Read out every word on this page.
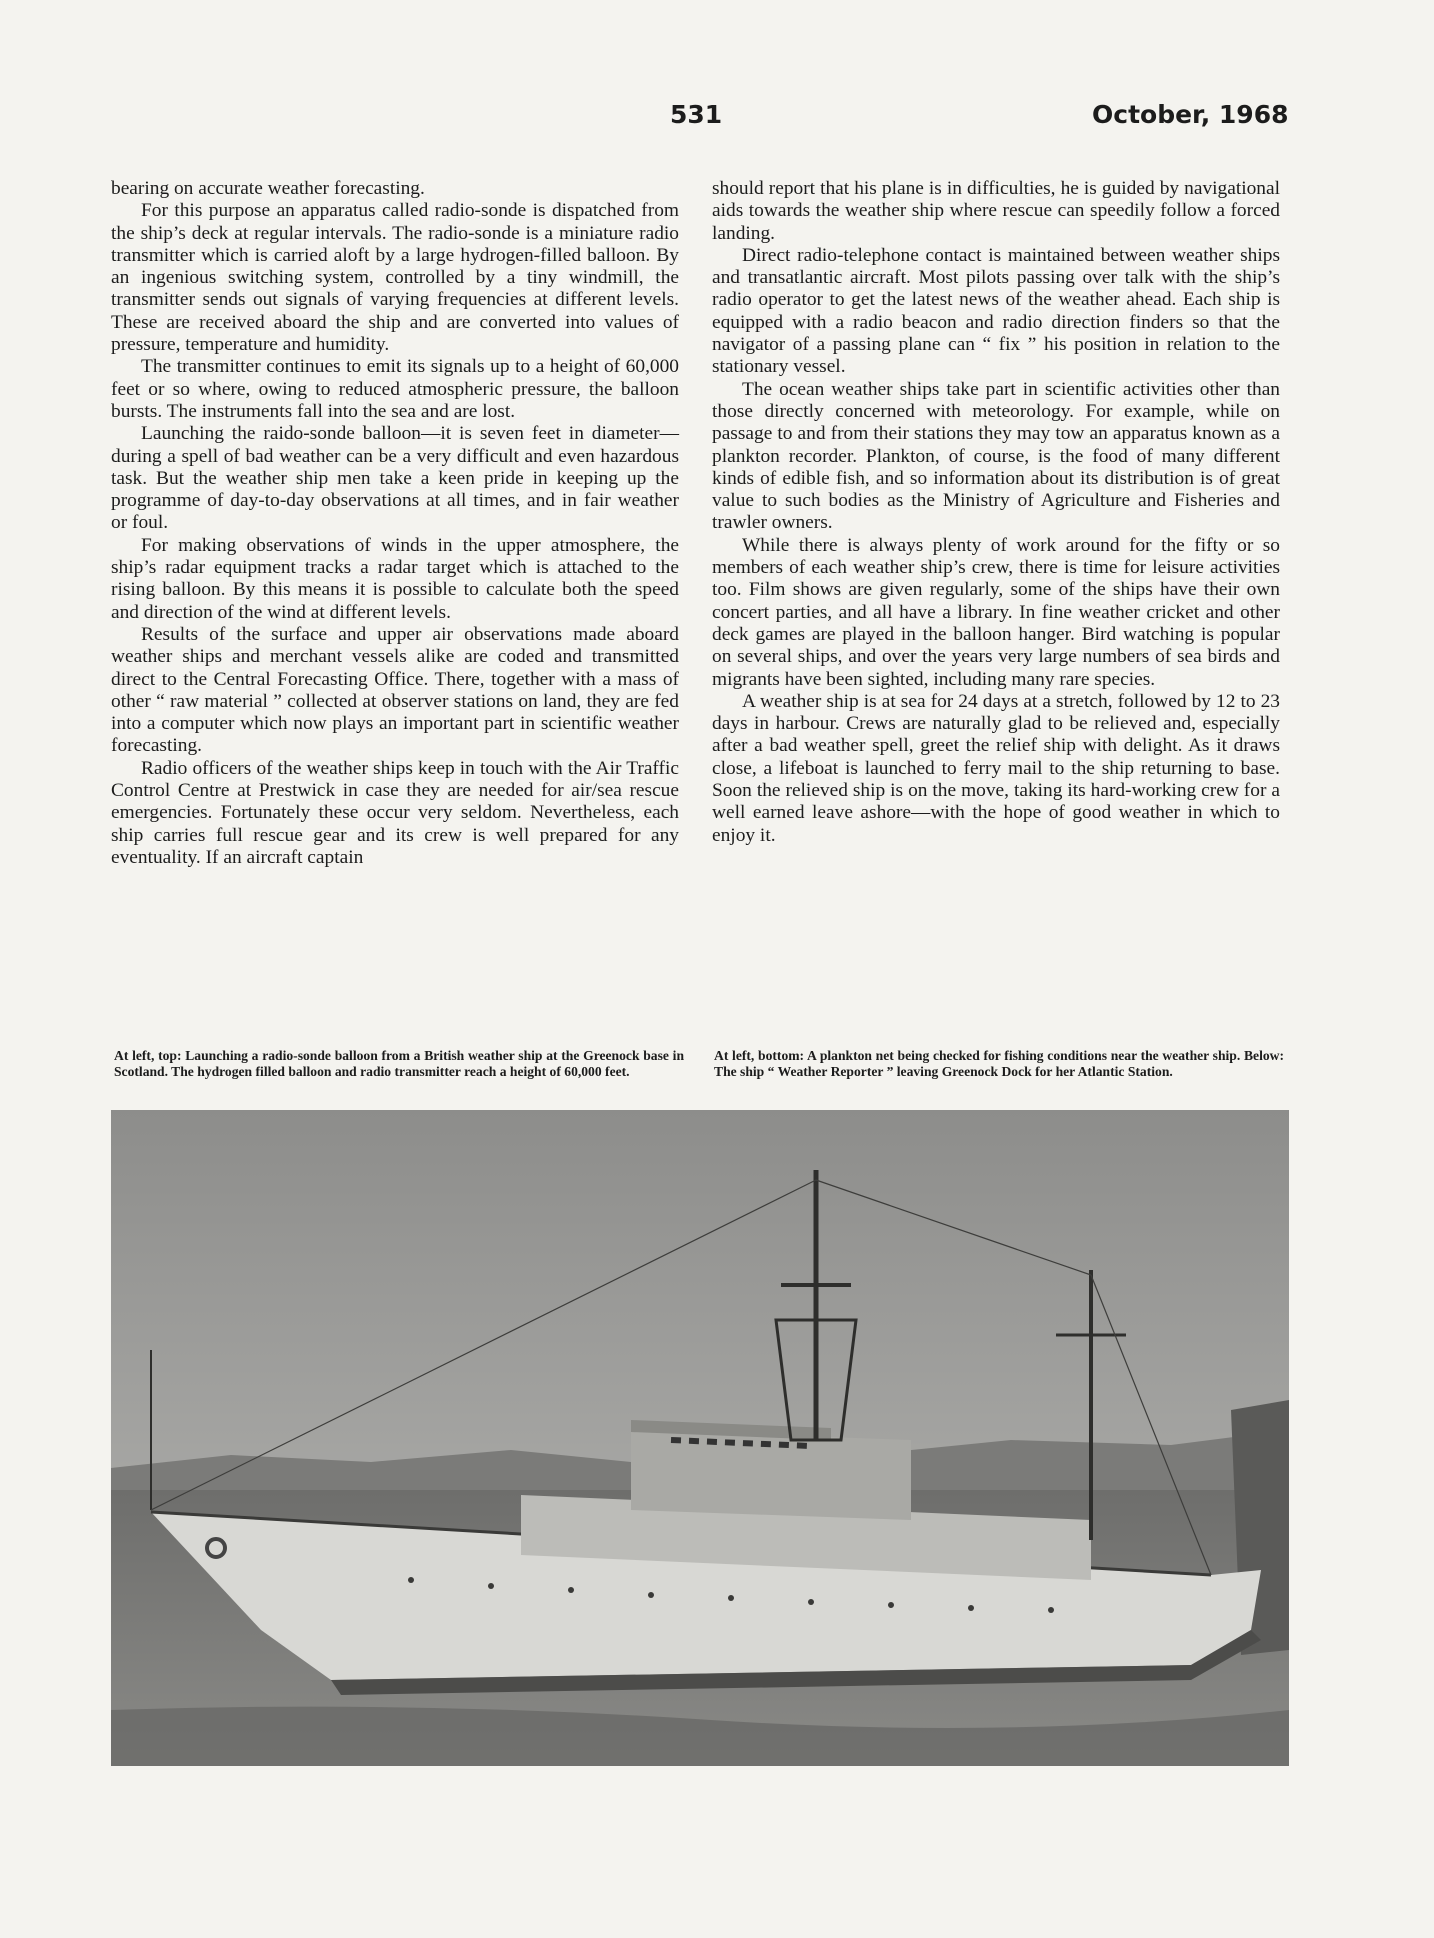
531	October, 1968

bearing on accurate weather forecasting.

For this purpose an apparatus called radio-sonde is dispatched from the ship’s deck at regular intervals. The radio-sonde is a miniature radio transmitter which is carried aloft by a large hydrogen-filled balloon. By an ingenious switching system, controlled by a tiny windmill, the transmitter sends out signals of varying frequencies at different levels. These are received aboard the ship and are converted into values of pressure, temperature and humidity.

The transmitter continues to emit its signals up to a height of 60,000 feet or so where, owing to reduced atmospheric pressure, the balloon bursts. The instruments fall into the sea and are lost.

Launching the raido-sonde balloon—it is seven feet in diameter—during a spell of bad weather can be a very difficult and even hazardous task. But the weather ship men take a keen pride in keeping up the programme of day-to-day observations at all times, and in fair weather or foul.

For making observations of winds in the upper atmosphere, the ship’s radar equipment tracks a radar target which is attached to the rising balloon. By this means it is possible to calculate both the speed and direction of the wind at different levels.

Results of the surface and upper air observations made aboard weather ships and merchant vessels alike are coded and transmitted direct to the Central Forecasting Office. There, together with a mass of other “ raw material ” collected at observer stations on land, they are fed into a computer which now plays an important part in scientific weather forecasting.

Radio officers of the weather ships keep in touch with the Air Traffic Control Centre at Prestwick in case they are needed for air/sea rescue emergencies. Fortunately these occur very seldom. Nevertheless, each ship carries full rescue gear and its crew is well prepared for any eventuality. If an aircraft captain

should report that his plane is in difficulties, he is guided by navigational aids towards the weather ship where rescue can speedily follow a forced landing.

Direct radio-telephone contact is maintained between weather ships and transatlantic aircraft. Most pilots passing over talk with the ship’s radio operator to get the latest news of the weather ahead. Each ship is equipped with a radio beacon and radio direction finders so that the navigator of a passing plane can “ fix ” his position in relation to the stationary vessel.

The ocean weather ships take part in scientific activities other than those directly concerned with meteorology. For example, while on passage to and from their stations they may tow an apparatus known as a plankton recorder. Plankton, of course, is the food of many different kinds of edible fish, and so information about its distribution is of great value to such bodies as the Ministry of Agriculture and Fisheries and trawler owners.

While there is always plenty of work around for the fifty or so members of each weather ship’s crew, there is time for leisure activities too. Film shows are given regularly, some of the ships have their own concert parties, and all have a library. In fine weather cricket and other deck games are played in the balloon hanger. Bird watching is popular on several ships, and over the years very large numbers of sea birds and migrants have been sighted, including many rare species.

A weather ship is at sea for 24 days at a stretch, followed by 12 to 23 days in harbour. Crews are naturally glad to be relieved and, especially after a bad weather spell, greet the relief ship with delight. As it draws close, a lifeboat is launched to ferry mail to the ship returning to base. Soon the relieved ship is on the move, taking its hard-working crew for a well earned leave ashore—with the hope of good weather in which to enjoy it.

At left, top: Launching a radio-sonde balloon from a British weather ship at the Greenock base in Scotland. The hydrogen filled balloon and radio transmitter reach a height of 60,000 feet.
At left, bottom: A plankton net being checked for fishing conditions near the weather ship. Below: The ship “ Weather Reporter ” leaving Greenock Dock for her Atlantic Station.
